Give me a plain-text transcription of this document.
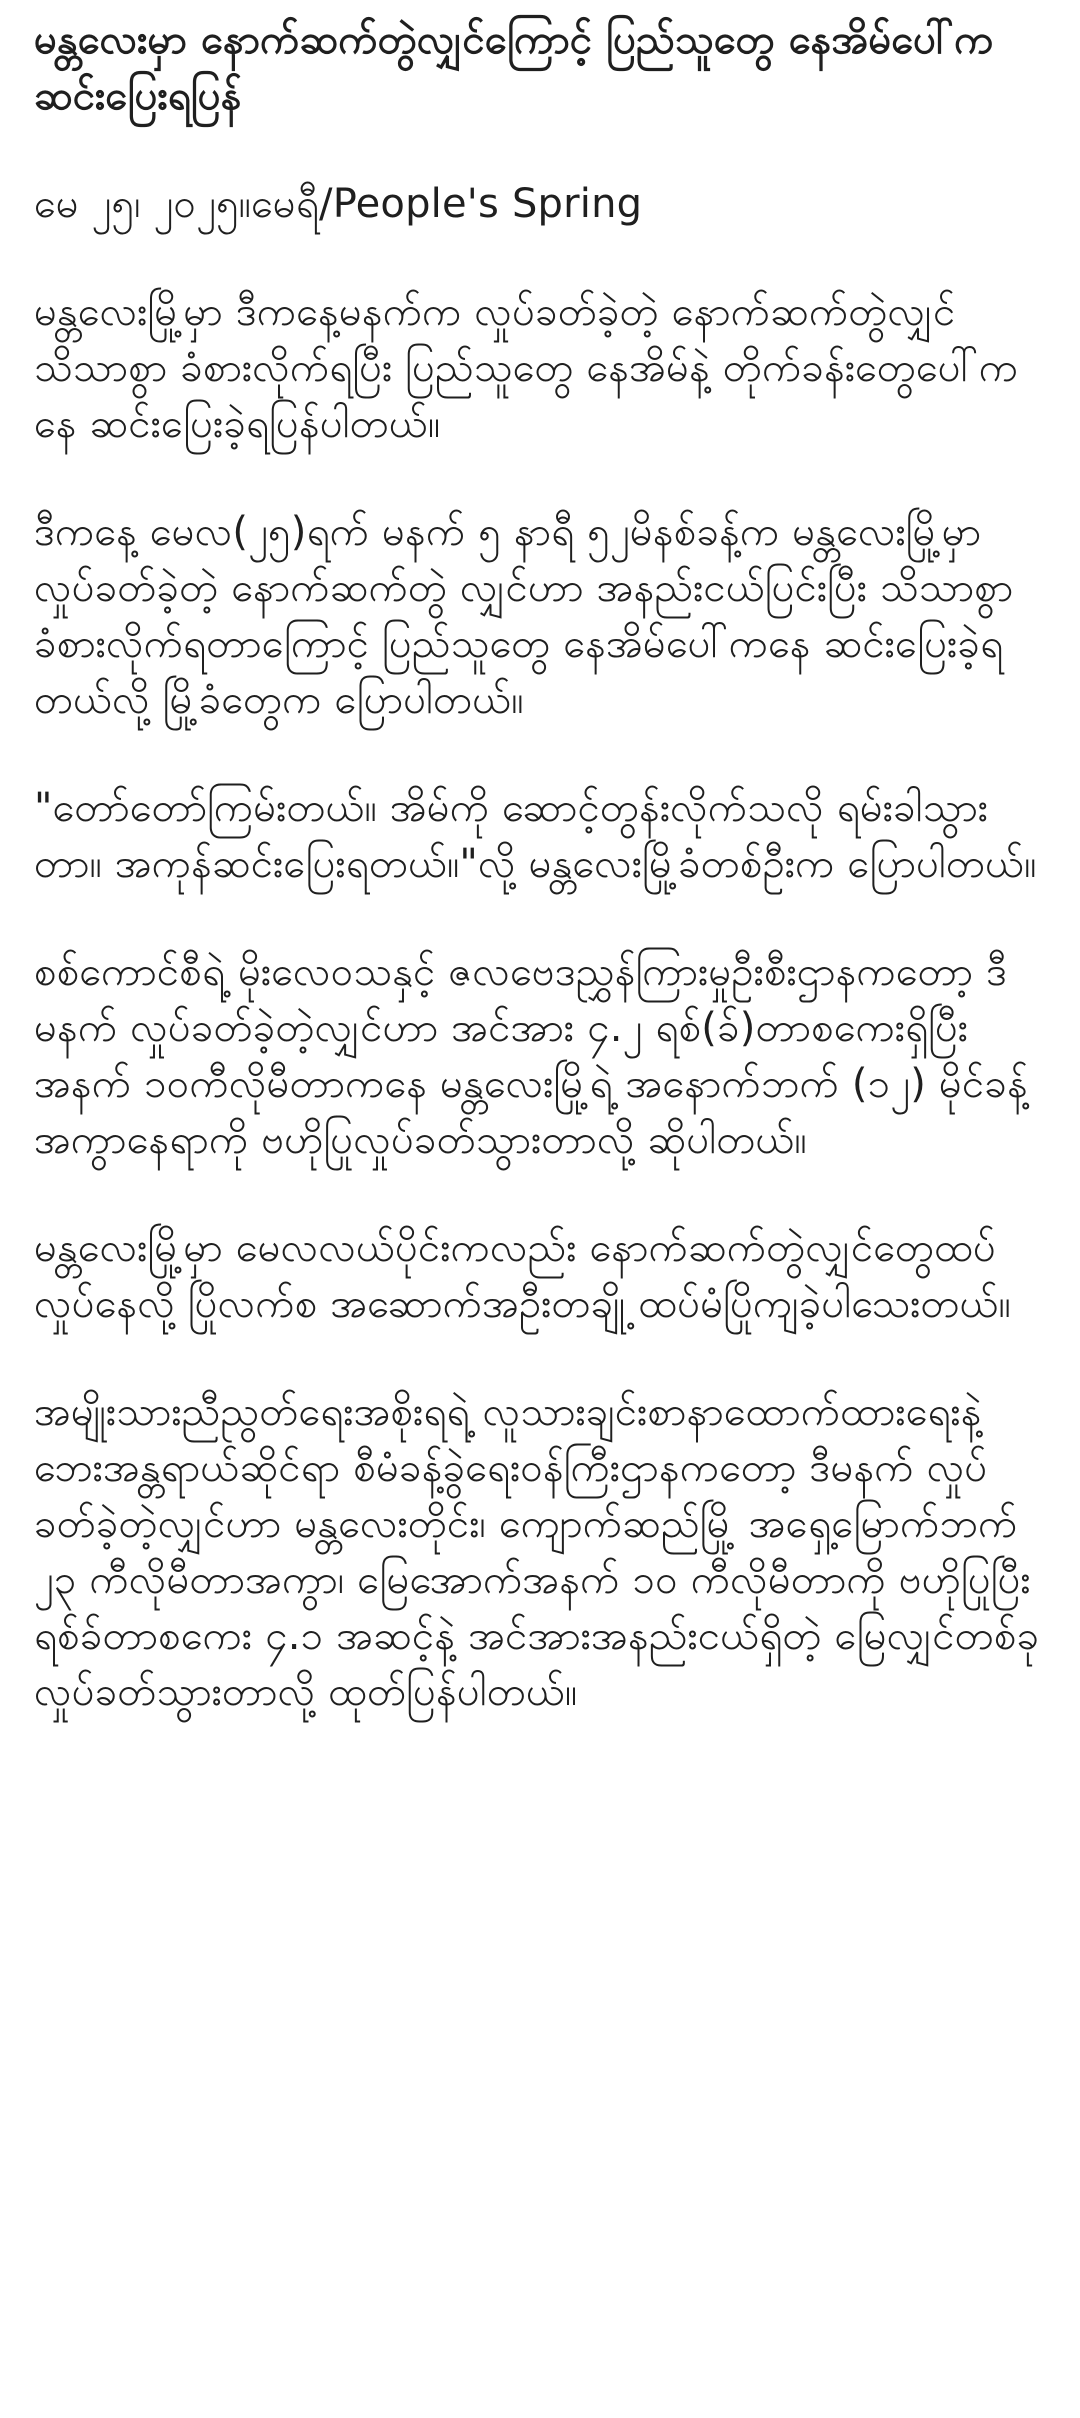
မန္တလေးမှာ နောက်ဆက်တွဲလျှင်ကြောင့် ပြည်သူတွေ နေအိမ်ပေါ်က ဆင်းပြေးရပြန်

မေ ၂၅၊ ၂၀၂၅။မေရီ/People's Spring

မန္တလေးမြို့မှာ ဒီကနေ့မနက်က လှုပ်ခတ်ခဲ့တဲ့ နောက်ဆက်တွဲလျှင် သိသာစွာ ခံစားလိုက်ရပြီး ပြည်သူတွေ နေအိမ်နဲ့ တိုက်ခန်းတွေပေါ်ကနေ ဆင်းပြေးခဲ့ရပြန်ပါတယ်။

ဒီကနေ့ မေလ(၂၅)ရက် မနက် ၅ နာရီ ၅၂မိနစ်ခန့်က မန္တလေးမြို့မှာ လှုပ်ခတ်ခဲ့တဲ့ နောက်ဆက်တွဲ လျှင်ဟာ အနည်းငယ်ပြင်းပြီး သိသာစွာ ခံစားလိုက်ရတာကြောင့် ပြည်သူတွေ နေအိမ်ပေါ်ကနေ ဆင်းပြေးခဲ့ရတယ်လို့ မြို့ခံတွေက ပြောပါတယ်။

"တော်တော်ကြမ်းတယ်။ အိမ်ကို ဆောင့်တွန်းလိုက်သလို ရမ်းခါသွားတာ။ အကုန်ဆင်းပြေးရတယ်။"လို့ မန္တလေးမြို့ခံတစ်ဦးက ပြောပါတယ်။

စစ်ကောင်စီရဲ့ မိုးလေဝသနှင့် ဇလဗေဒညွှန်ကြားမှုဦးစီးဌာနကတော့ ဒီမနက် လှုပ်ခတ်ခဲ့တဲ့လျှင်ဟာ အင်အား ၄.၂ ရစ်(ခ်)တာစကေးရှိပြီး အနက် ၁၀ကီလိုမီတာကနေ မန္တလေးမြို့ရဲ့ အနောက်ဘက် (၁၂) မိုင်ခန့်အကွာနေရာကို ဗဟိုပြုလှုပ်ခတ်သွားတာလို့ ဆိုပါတယ်။

မန္တလေးမြို့မှာ မေလလယ်ပိုင်းကလည်း နောက်ဆက်တွဲလျှင်တွေထပ်လှုပ်နေလို့ ပြိုလက်စ အဆောက်အဦးတချို့ ထပ်မံပြိုကျခဲ့ပါသေးတယ်။

အမျိုးသားညီညွတ်ရေးအစိုးရရဲ့ လူသားချင်းစာနာထောက်ထားရေးနဲ့ ဘေးအန္တရာယ်ဆိုင်ရာ စီမံခန့်ခွဲရေးဝန်ကြီးဌာနကတော့ ဒီမနက် လှုပ်ခတ်ခဲ့တဲ့လျှင်ဟာ မန္တလေးတိုင်း၊ ကျောက်ဆည်မြို့ အရှေ့မြောက်ဘက် ၂၃ ကီလိုမီတာအကွာ၊ မြေအောက်အနက် ၁၀ ကီလိုမီတာကို ဗဟိုပြုပြီး ရစ်ခ်တာစကေး ၄.၁ အဆင့်နဲ့ အင်အားအနည်းငယ်ရှိတဲ့ မြေလျှင်တစ်ခု လှုပ်ခတ်သွားတာလို့ ထုတ်ပြန်ပါတယ်။
